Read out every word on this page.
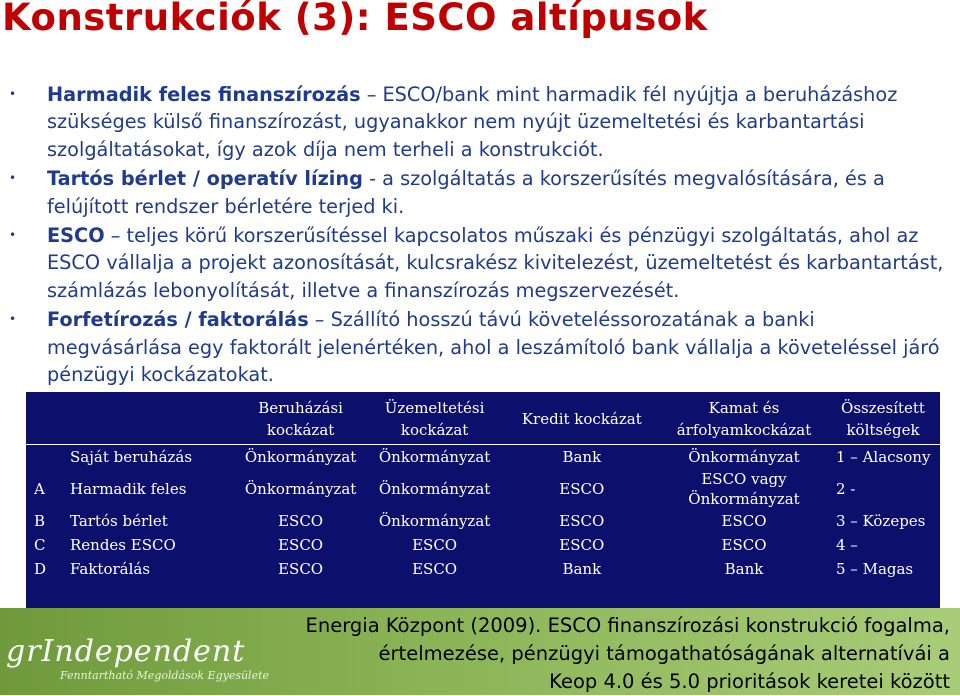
Konstrukciók (3): ESCO altípusok
• Harmadik feles finanszírozás – ESCO/bank mint harmadik fél nyújtja a beruházáshoz szükséges külső finanszírozást, ugyanakkor nem nyújt üzemeltetési és karbantartási szolgáltatásokat, így azok díja nem terheli a konstrukciót.
• Tartós bérlet / operatív lízing - a szolgáltatás a korszerűsítés megvalósítására, és a felújított rendszer bérletére terjed ki.
• ESCO – teljes körű korszerűsítéssel kapcsolatos műszaki és pénzügyi szolgáltatás, ahol az ESCO vállalja a projekt azonosítását, kulcsrakész kivitelezést, üzemeltetést és karbantartást, számlázás lebonyolítását, illetve a finanszírozás megszervezését.
• Forfetírozás / faktorálás – Szállító hosszú távú követeléssorozatának a banki megvásárlása egy faktorált jelenértéken, ahol a leszámítoló bank vállalja a követeléssel járó pénzügyi kockázatokat.
		Beruházási kockázat	Üzemeltetési kockázat	Kredit kockázat	Kamat és árfolyamkockázat	Összesített költségek
	Saját beruházás	Önkormányzat	Önkormányzat	Bank	Önkormányzat	1 – Alacsony
A	Harmadik feles	Önkormányzat	Önkormányzat	ESCO	ESCO vagy Önkormányzat	2 -
B	Tartós bérlet	ESCO	Önkormányzat	ESCO	ESCO	3 – Közepes
C	Rendes ESCO	ESCO	ESCO	ESCO	ESCO	4 –
D	Faktorálás	ESCO	ESCO	Bank	Bank	5 – Magas
grIndependent
Fenntartható Megoldások Egyesülete
Energia Központ (2009). ESCO finanszírozási konstrukció fogalma,
értelmezése, pénzügyi támogathatóságának alternatívái a
Keop 4.0 és 5.0 prioritások keretei között
